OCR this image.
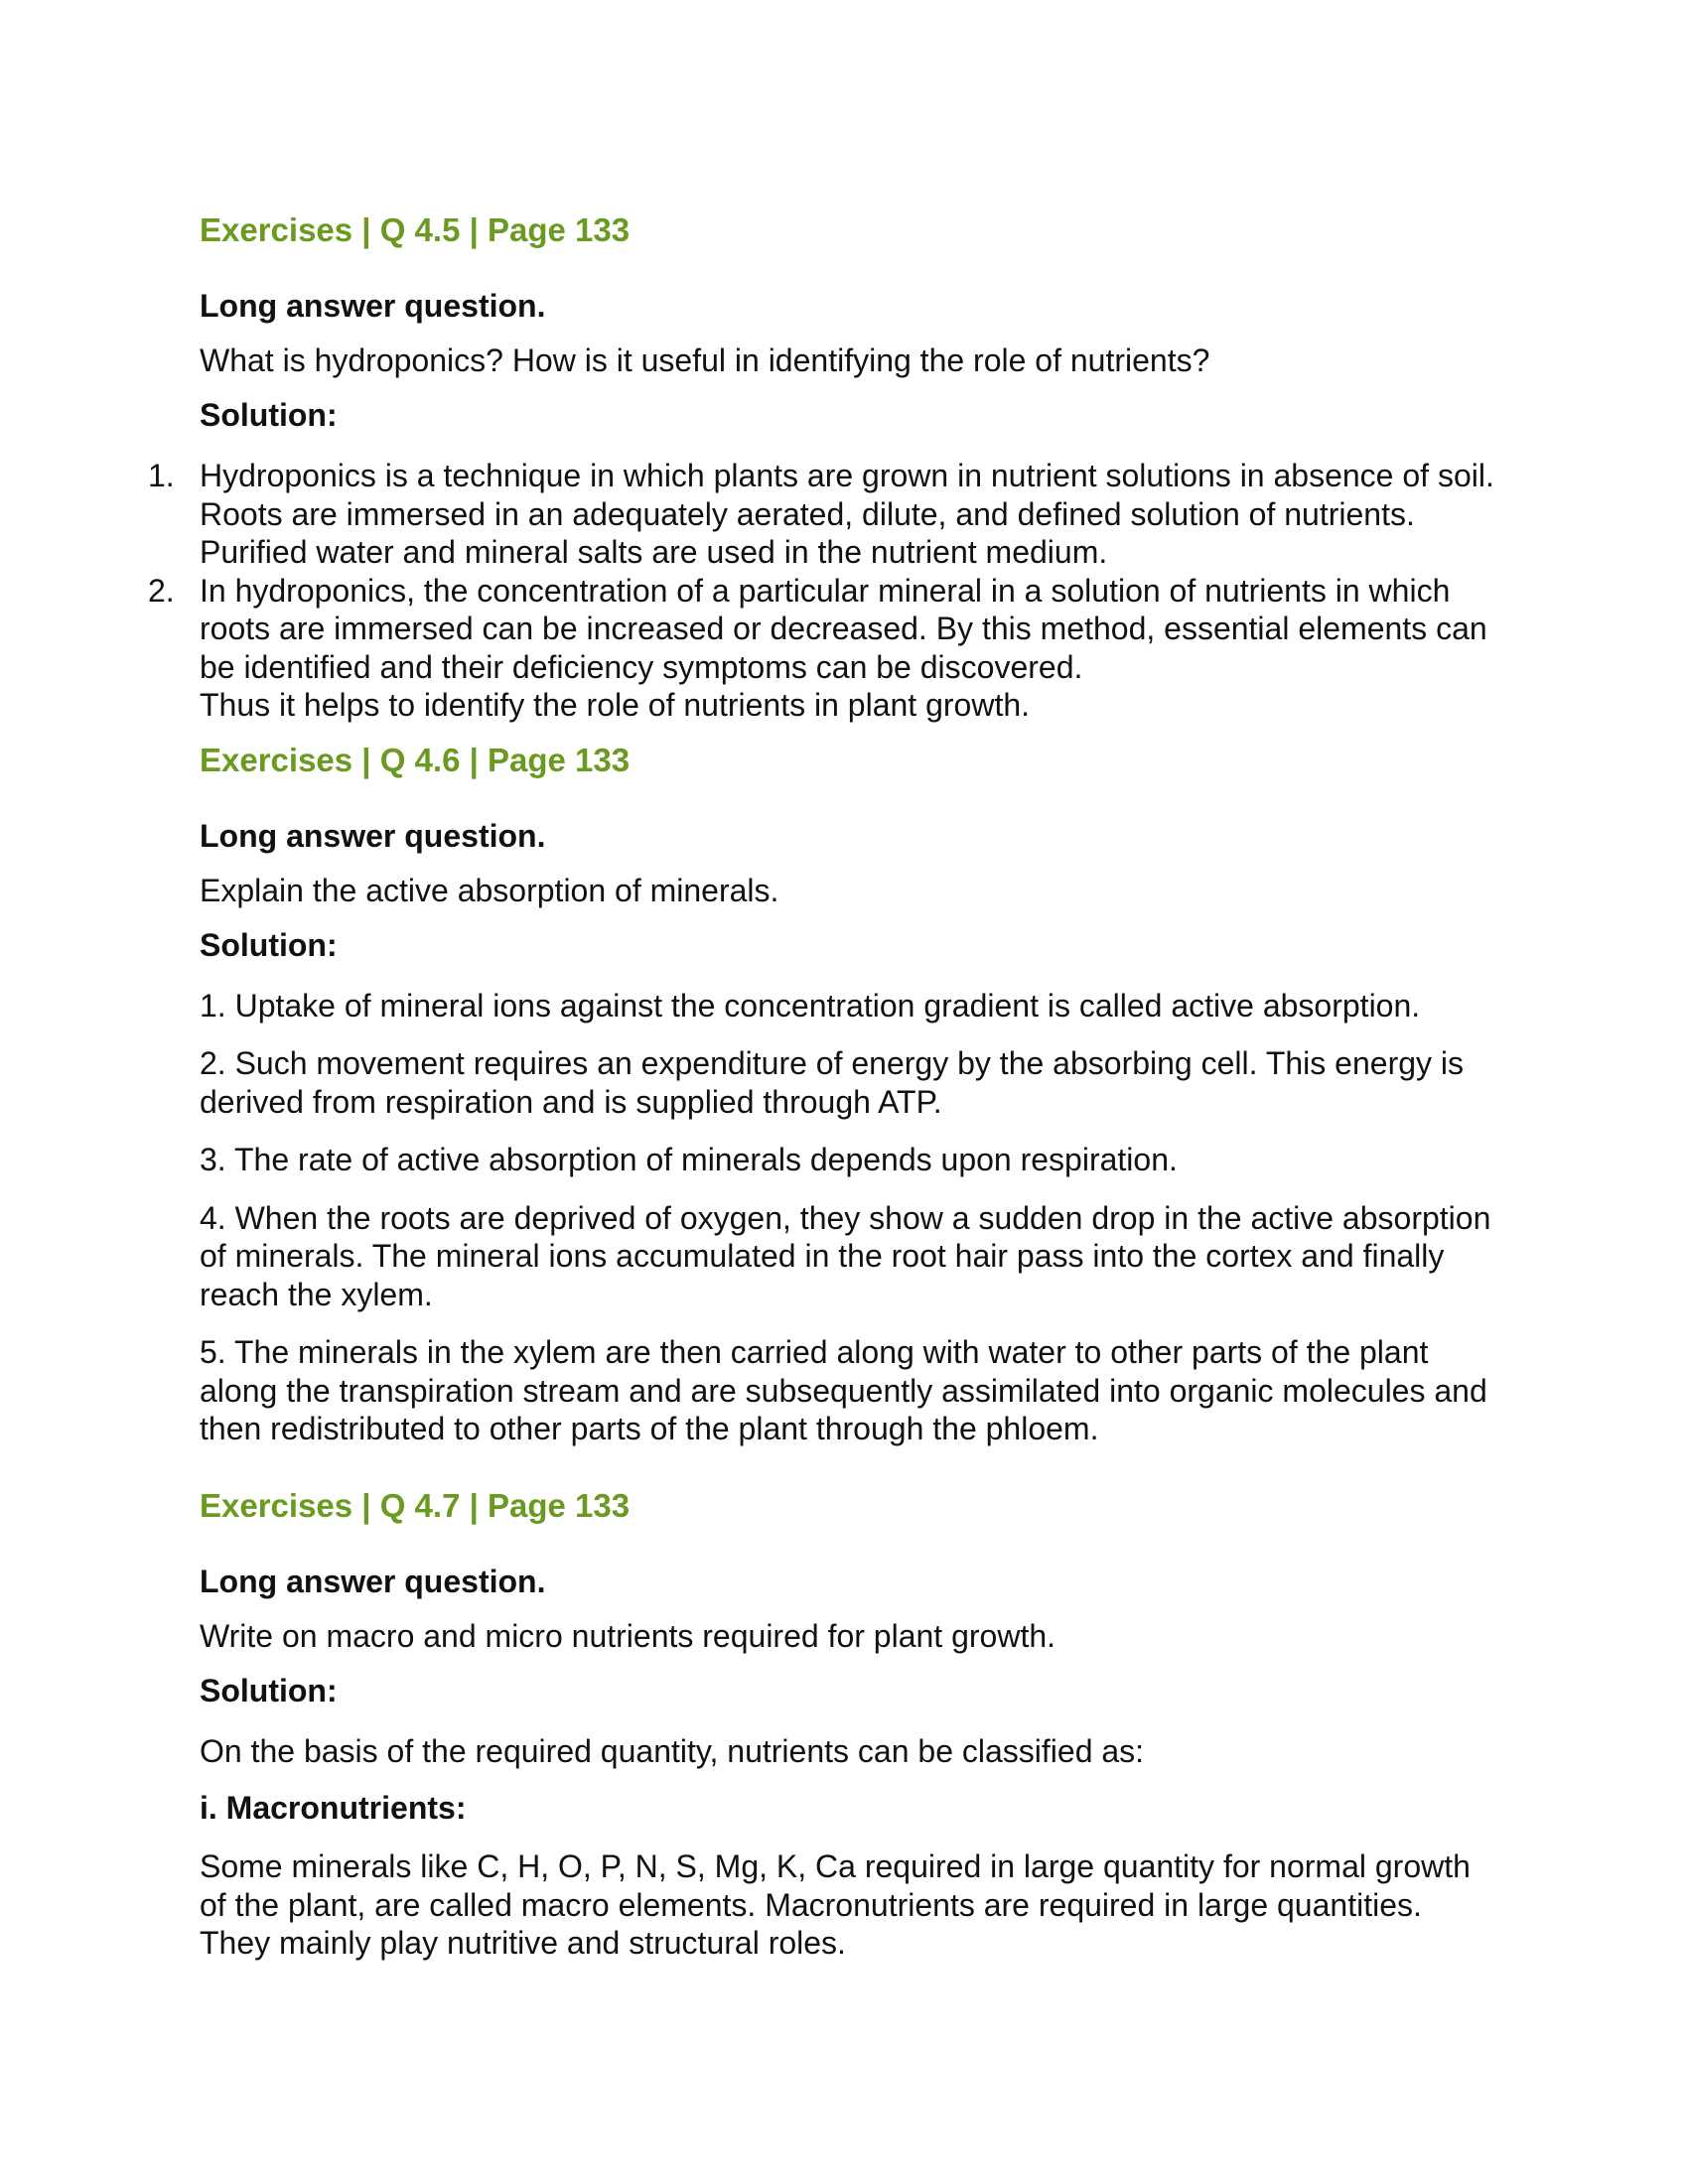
Exercises | Q 4.5 | Page 133

Long answer question.

What is hydroponics? How is it useful in identifying the role of nutrients?

Solution:

1. Hydroponics is a technique in which plants are grown in nutrient solutions in absence of soil. Roots are immersed in an adequately aerated, dilute, and defined solution of nutrients. Purified water and mineral salts are used in the nutrient medium.
2. In hydroponics, the concentration of a particular mineral in a solution of nutrients in which roots are immersed can be increased or decreased. By this method, essential elements can be identified and their deficiency symptoms can be discovered.
Thus it helps to identify the role of nutrients in plant growth.

Exercises | Q 4.6 | Page 133

Long answer question.

Explain the active absorption of minerals.

Solution:

1. Uptake of mineral ions against the concentration gradient is called active absorption.

2. Such movement requires an expenditure of energy by the absorbing cell. This energy is derived from respiration and is supplied through ATP.

3. The rate of active absorption of minerals depends upon respiration.

4. When the roots are deprived of oxygen, they show a sudden drop in the active absorption of minerals. The mineral ions accumulated in the root hair pass into the cortex and finally reach the xylem.

5. The minerals in the xylem are then carried along with water to other parts of the plant along the transpiration stream and are subsequently assimilated into organic molecules and then redistributed to other parts of the plant through the phloem.

Exercises | Q 4.7 | Page 133

Long answer question.

Write on macro and micro nutrients required for plant growth.

Solution:

On the basis of the required quantity, nutrients can be classified as:

i. Macronutrients:

Some minerals like C, H, O, P, N, S, Mg, K, Ca required in large quantity for normal growth of the plant, are called macro elements. Macronutrients are required in large quantities. They mainly play nutritive and structural roles.
